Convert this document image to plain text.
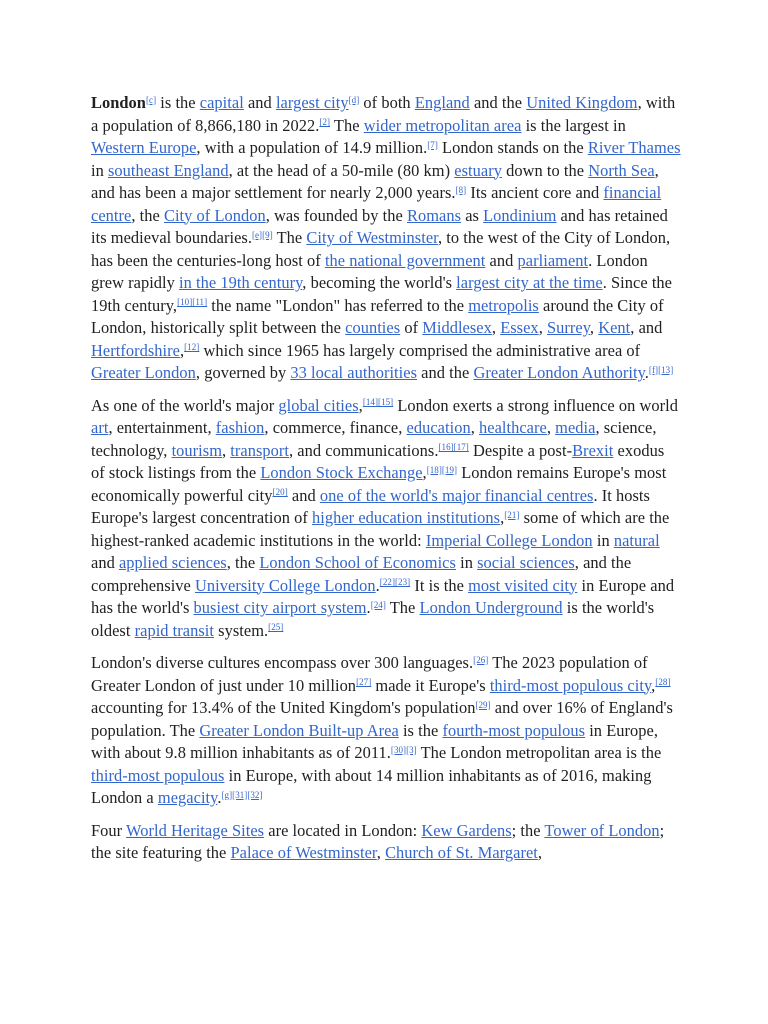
London[c] is the capital and largest city[d] of both England and the United Kingdom, with a population of 8,866,180 in 2022.[2] The wider metropolitan area is the largest in Western Europe, with a population of 14.9 million.[7] London stands on the River Thames in southeast England, at the head of a 50-mile (80 km) estuary down to the North Sea, and has been a major settlement for nearly 2,000 years.[8] Its ancient core and financial centre, the City of London, was founded by the Romans as Londinium and has retained its medieval boundaries.[e][9] The City of Westminster, to the west of the City of London, has been the centuries-long host of the national government and parliament. London grew rapidly in the 19th century, becoming the world's largest city at the time. Since the 19th century,[10][11] the name "London" has referred to the metropolis around the City of London, historically split between the counties of Middlesex, Essex, Surrey, Kent, and Hertfordshire,[12] which since 1965 has largely comprised the administrative area of Greater London, governed by 33 local authorities and the Greater London Authority.[f][13]

As one of the world's major global cities,[14][15] London exerts a strong influence on world art, entertainment, fashion, commerce, finance, education, healthcare, media, science, technology, tourism, transport, and communications.[16][17] Despite a post-Brexit exodus of stock listings from the London Stock Exchange,[18][19] London remains Europe's most economically powerful city[20] and one of the world's major financial centres. It hosts Europe's largest concentration of higher education institutions,[21] some of which are the highest-ranked academic institutions in the world: Imperial College London in natural and applied sciences, the London School of Economics in social sciences, and the comprehensive University College London.[22][23] It is the most visited city in Europe and has the world's busiest city airport system.[24] The London Underground is the world's oldest rapid transit system.[25]

London's diverse cultures encompass over 300 languages.[26] The 2023 population of Greater London of just under 10 million[27] made it Europe's third-most populous city,[28] accounting for 13.4% of the United Kingdom's population[29] and over 16% of England's population. The Greater London Built-up Area is the fourth-most populous in Europe, with about 9.8 million inhabitants as of 2011.[30][3] The London metropolitan area is the third-most populous in Europe, with about 14 million inhabitants as of 2016, making London a megacity.[g][31][32]

Four World Heritage Sites are located in London: Kew Gardens; the Tower of London; the site featuring the Palace of Westminster, Church of St. Margaret,
